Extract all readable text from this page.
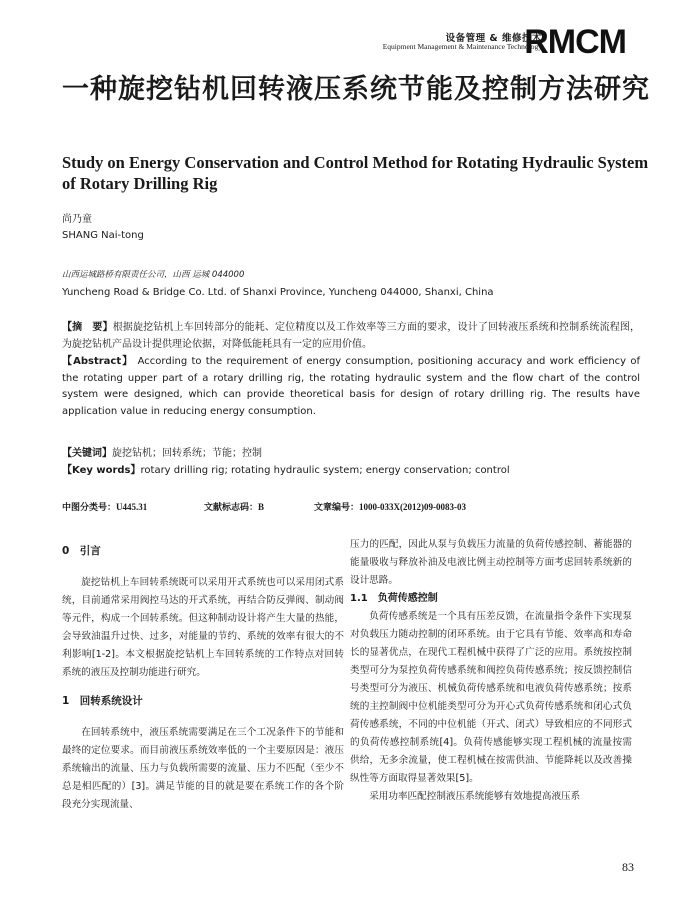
设备管理 & 维修技术
Equipment Management & Maintenance Technology
RMCM
一种旋挖钻机回转液压系统节能及控制方法研究
Study on Energy Conservation and Control Method for Rotating Hydraulic System of Rotary Drilling Rig
尚乃童
SHANG Nai-tong
山西运城路桥有限责任公司，山西 运城 044000
Yuncheng Road & Bridge Co. Ltd. of Shanxi Province, Yuncheng 044000, Shanxi, China
【摘　要】根据旋挖钻机上车回转部分的能耗、定位精度以及工作效率等三方面的要求，设计了回转液压系统和控制系统流程图，为旋挖钻机产品设计提供理论依据，对降低能耗具有一定的应用价值。
【Abstract】 According to the requirement of energy consumption, positioning accuracy and work efficiency of the rotating upper part of a rotary drilling rig, the rotating hydraulic system and the flow chart of the control system were designed, which can provide theoretical basis for design of rotary drilling rig. The results have application value in reducing energy consumption.
【关键词】旋挖钻机；回转系统；节能；控制
【Key words】rotary drilling rig; rotating hydraulic system; energy conservation; control
中图分类号：U445.31	文献标志码：B	文章编号：1000-033X(2012)09-0083-03

0　引言

旋挖钻机上车回转系统既可以采用开式系统也可以采用闭式系统，目前通常采用阀控马达的开式系统，再结合防反弹阀、制动阀等元件，构成一个回转系统。但这种制动设计将产生大量的热能，会导致油温升过快、过多，对能量的节约、系统的效率有很大的不利影响[1-2]。本文根据旋挖钻机上车回转系统的工作特点对回转系统的液压及控制功能进行研究。

1　回转系统设计

在回转系统中，液压系统需要满足在三个工况条件下的节能和最终的定位要求。而目前液压系统效率低的一个主要原因是：液压系统输出的流量、压力与负载所需要的流量、压力不匹配（至少不总是相匹配的）[3]。满足节能的目的就是要在系统工作的各个阶段充分实现流量、

压力的匹配，因此从泵与负载压力流量的负荷传感控制、蓄能器的能量吸收与释放补油及电液比例主动控制等方面考虑回转系统新的设计思路。

1.1　负荷传感控制

负荷传感系统是一个具有压差反馈，在流量指令条件下实现泵对负载压力随动控制的闭环系统。由于它具有节能、效率高和寿命长的显著优点，在现代工程机械中获得了广泛的应用。系统按控制类型可分为泵控负荷传感系统和阀控负荷传感系统；按反馈控制信号类型可分为液压、机械负荷传感系统和电液负荷传感系统；按系统的主控制阀中位机能类型可分为开心式负荷传感系统和闭心式负荷传感系统，不同的中位机能（开式、闭式）导致相应的不同形式的负荷传感控制系统[4]。负荷传感能够实现工程机械的流量按需供给，无多余流量，使工程机械在按需供油、节能降耗以及改善操纵性等方面取得显著效果[5]。

采用功率匹配控制液压系统能够有效地提高液压系

83
